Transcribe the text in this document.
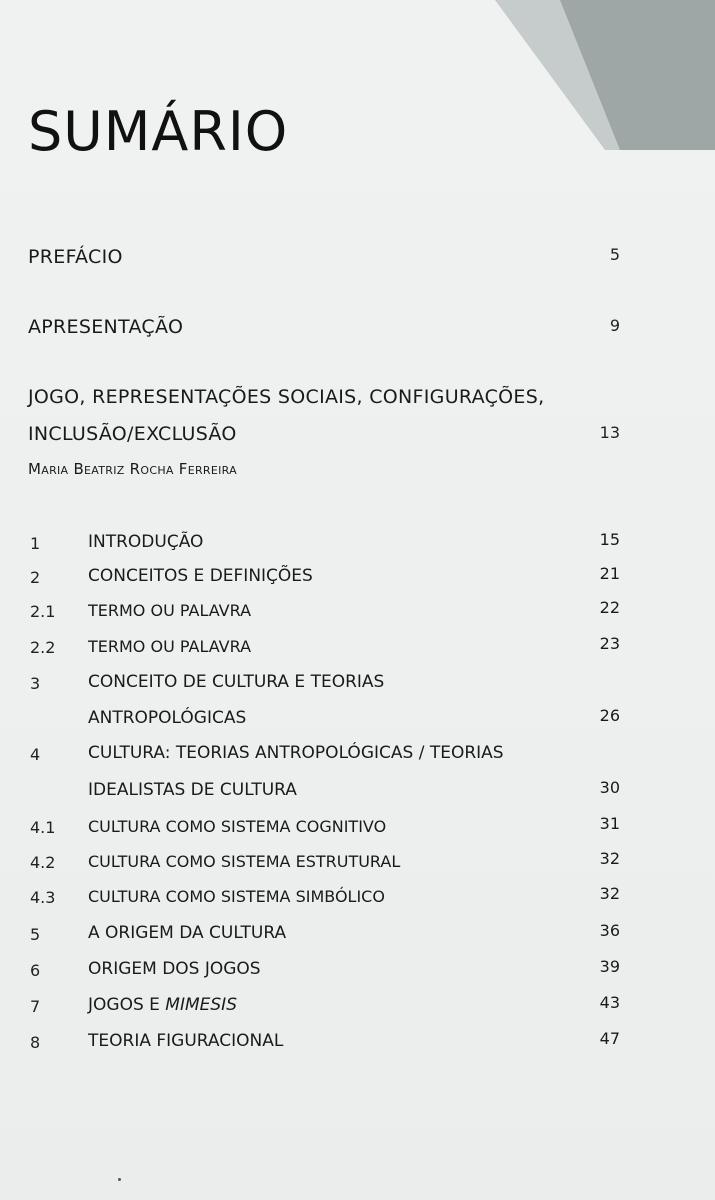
SUMÁRIO
PREFÁCIO	5
APRESENTAÇÃO	9
JOGO, REPRESENTAÇÕES SOCIAIS, CONFIGURAÇÕES,
INCLUSÃO/EXCLUSÃO	13
Maria Beatriz Rocha Ferreira
1	INTRODUÇÃO	15
2	CONCEITOS E DEFINIÇÕES	21
2.1 TERMO OU PALAVRA	22
2.2 TERMO OU PALAVRA	23
3	CONCEITO DE CULTURA E TEORIAS
ANTROPOLÓGICAS	26
4	CULTURA: TEORIAS ANTROPOLÓGICAS / TEORIAS
IDEALISTAS DE CULTURA	30
4.1 CULTURA COMO SISTEMA COGNITIVO	31
4.2 CULTURA COMO SISTEMA ESTRUTURAL	32
4.3 CULTURA COMO SISTEMA SIMBÓLICO	32
5	A ORIGEM DA CULTURA	36
6	ORIGEM DOS JOGOS	39
7	JOGOS E MIMESIS	43
8	TEORIA FIGURACIONAL	47
